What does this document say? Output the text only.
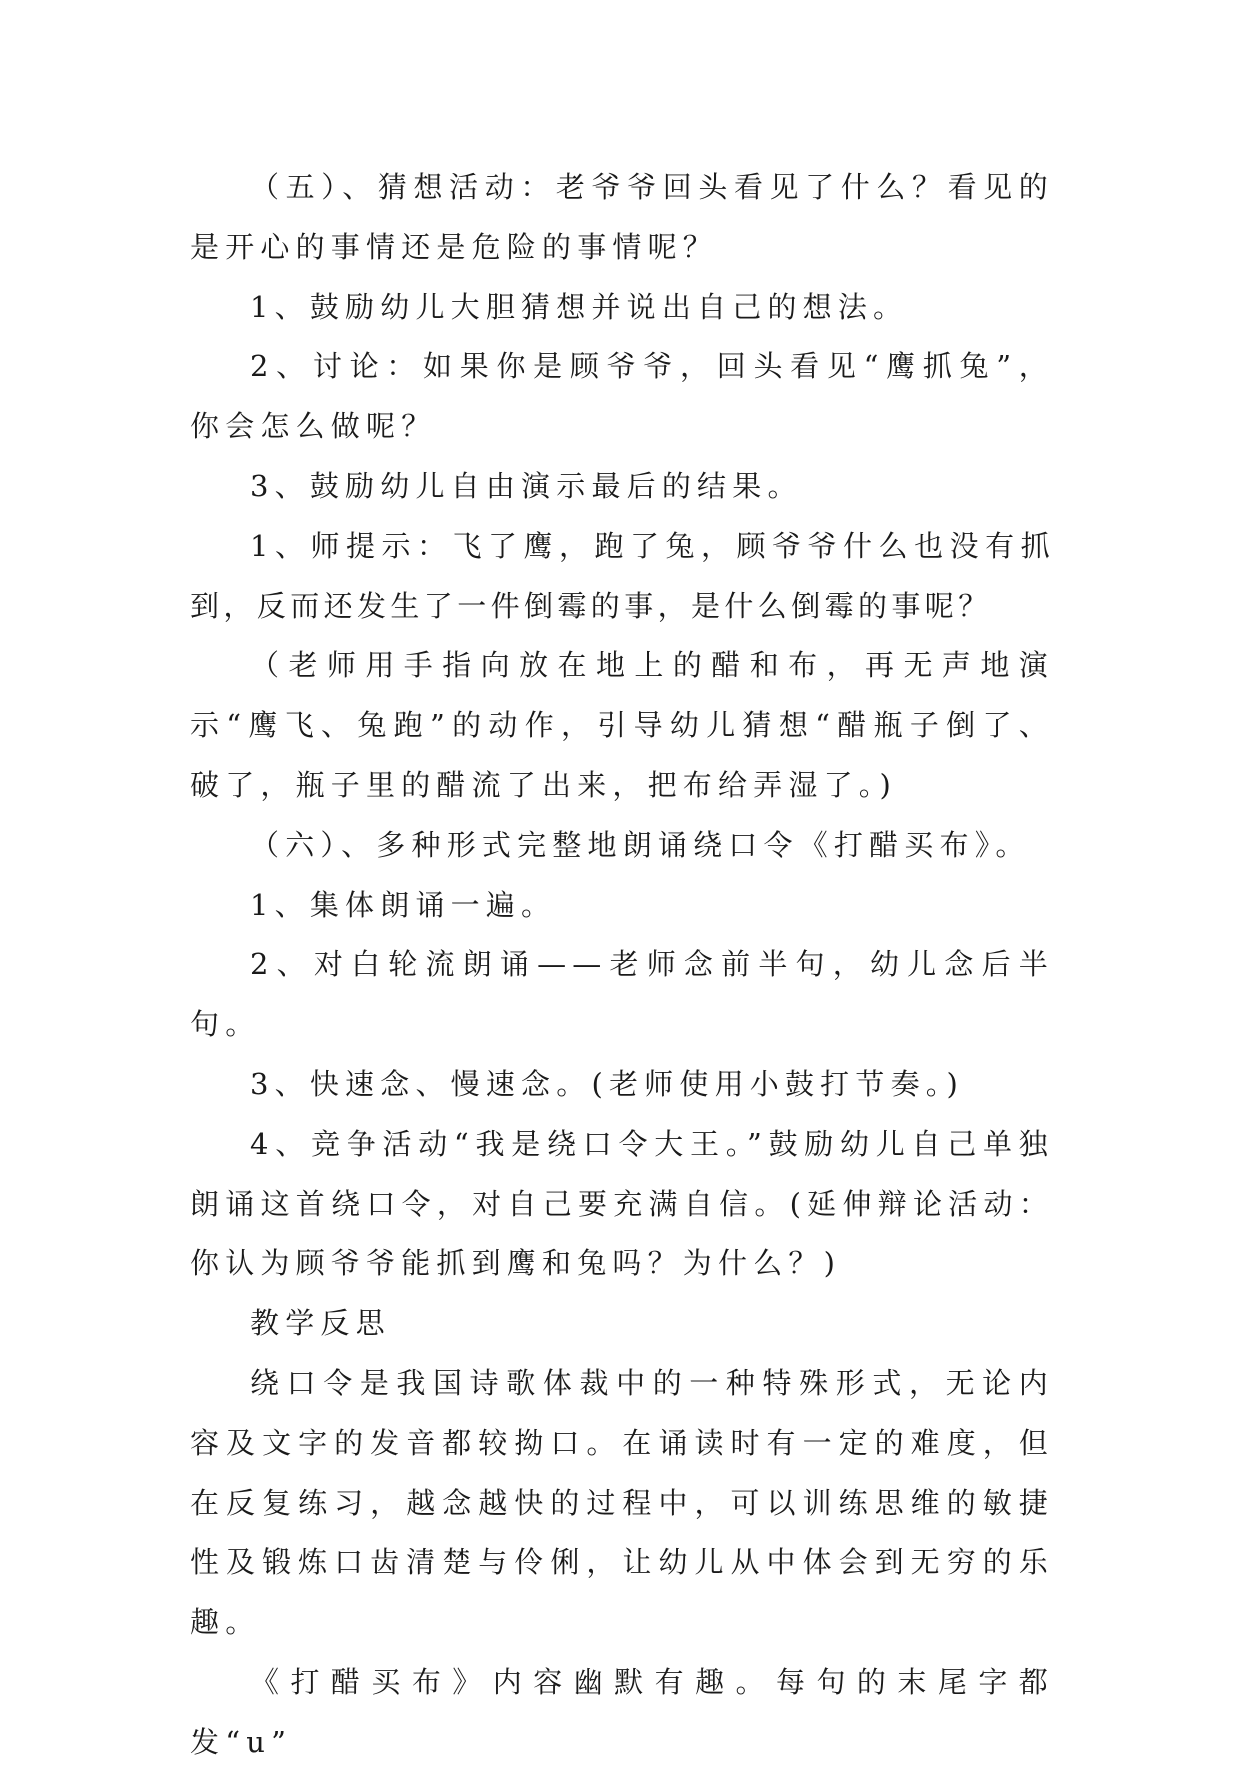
（五）、猜想活动：老爷爷回头看见了什么？看见的是开心的事情还是危险的事情呢？

1、鼓励幼儿大胆猜想并说出自己的想法。

2、讨论：如果你是顾爷爷，回头看见“鹰抓兔”，你会怎么做呢？

3、鼓励幼儿自由演示最后的结果。

1、师提示：飞了鹰，跑了兔，顾爷爷什么也没有抓到，反而还发生了一件倒霉的事，是什么倒霉的事呢？

（老师用手指向放在地上的醋和布，再无声地演示“鹰飞、兔跑”的动作，引导幼儿猜想“醋瓶子倒了、破了，瓶子里的醋流了出来，把布给弄湿了。)

（六）、多种形式完整地朗诵绕口令《打醋买布》。

1、集体朗诵一遍。

2、对白轮流朗诵——老师念前半句，幼儿念后半句。

3、快速念、慢速念。(老师使用小鼓打节奏。)

4、竞争活动“我是绕口令大王。”鼓励幼儿自己单独朗诵这首绕口令，对自己要充满自信。(延伸辩论活动：你认为顾爷爷能抓到鹰和兔吗？为什么？)

教学反思

绕口令是我国诗歌体裁中的一种特殊形式，无论内容及文字的发音都较拗口。在诵读时有一定的难度，但在反复练习，越念越快的过程中，可以训练思维的敏捷性及锻炼口齿清楚与伶俐，让幼儿从中体会到无穷的乐趣。

《打醋买布》内容幽默有趣。每句的末尾字都发“u”
